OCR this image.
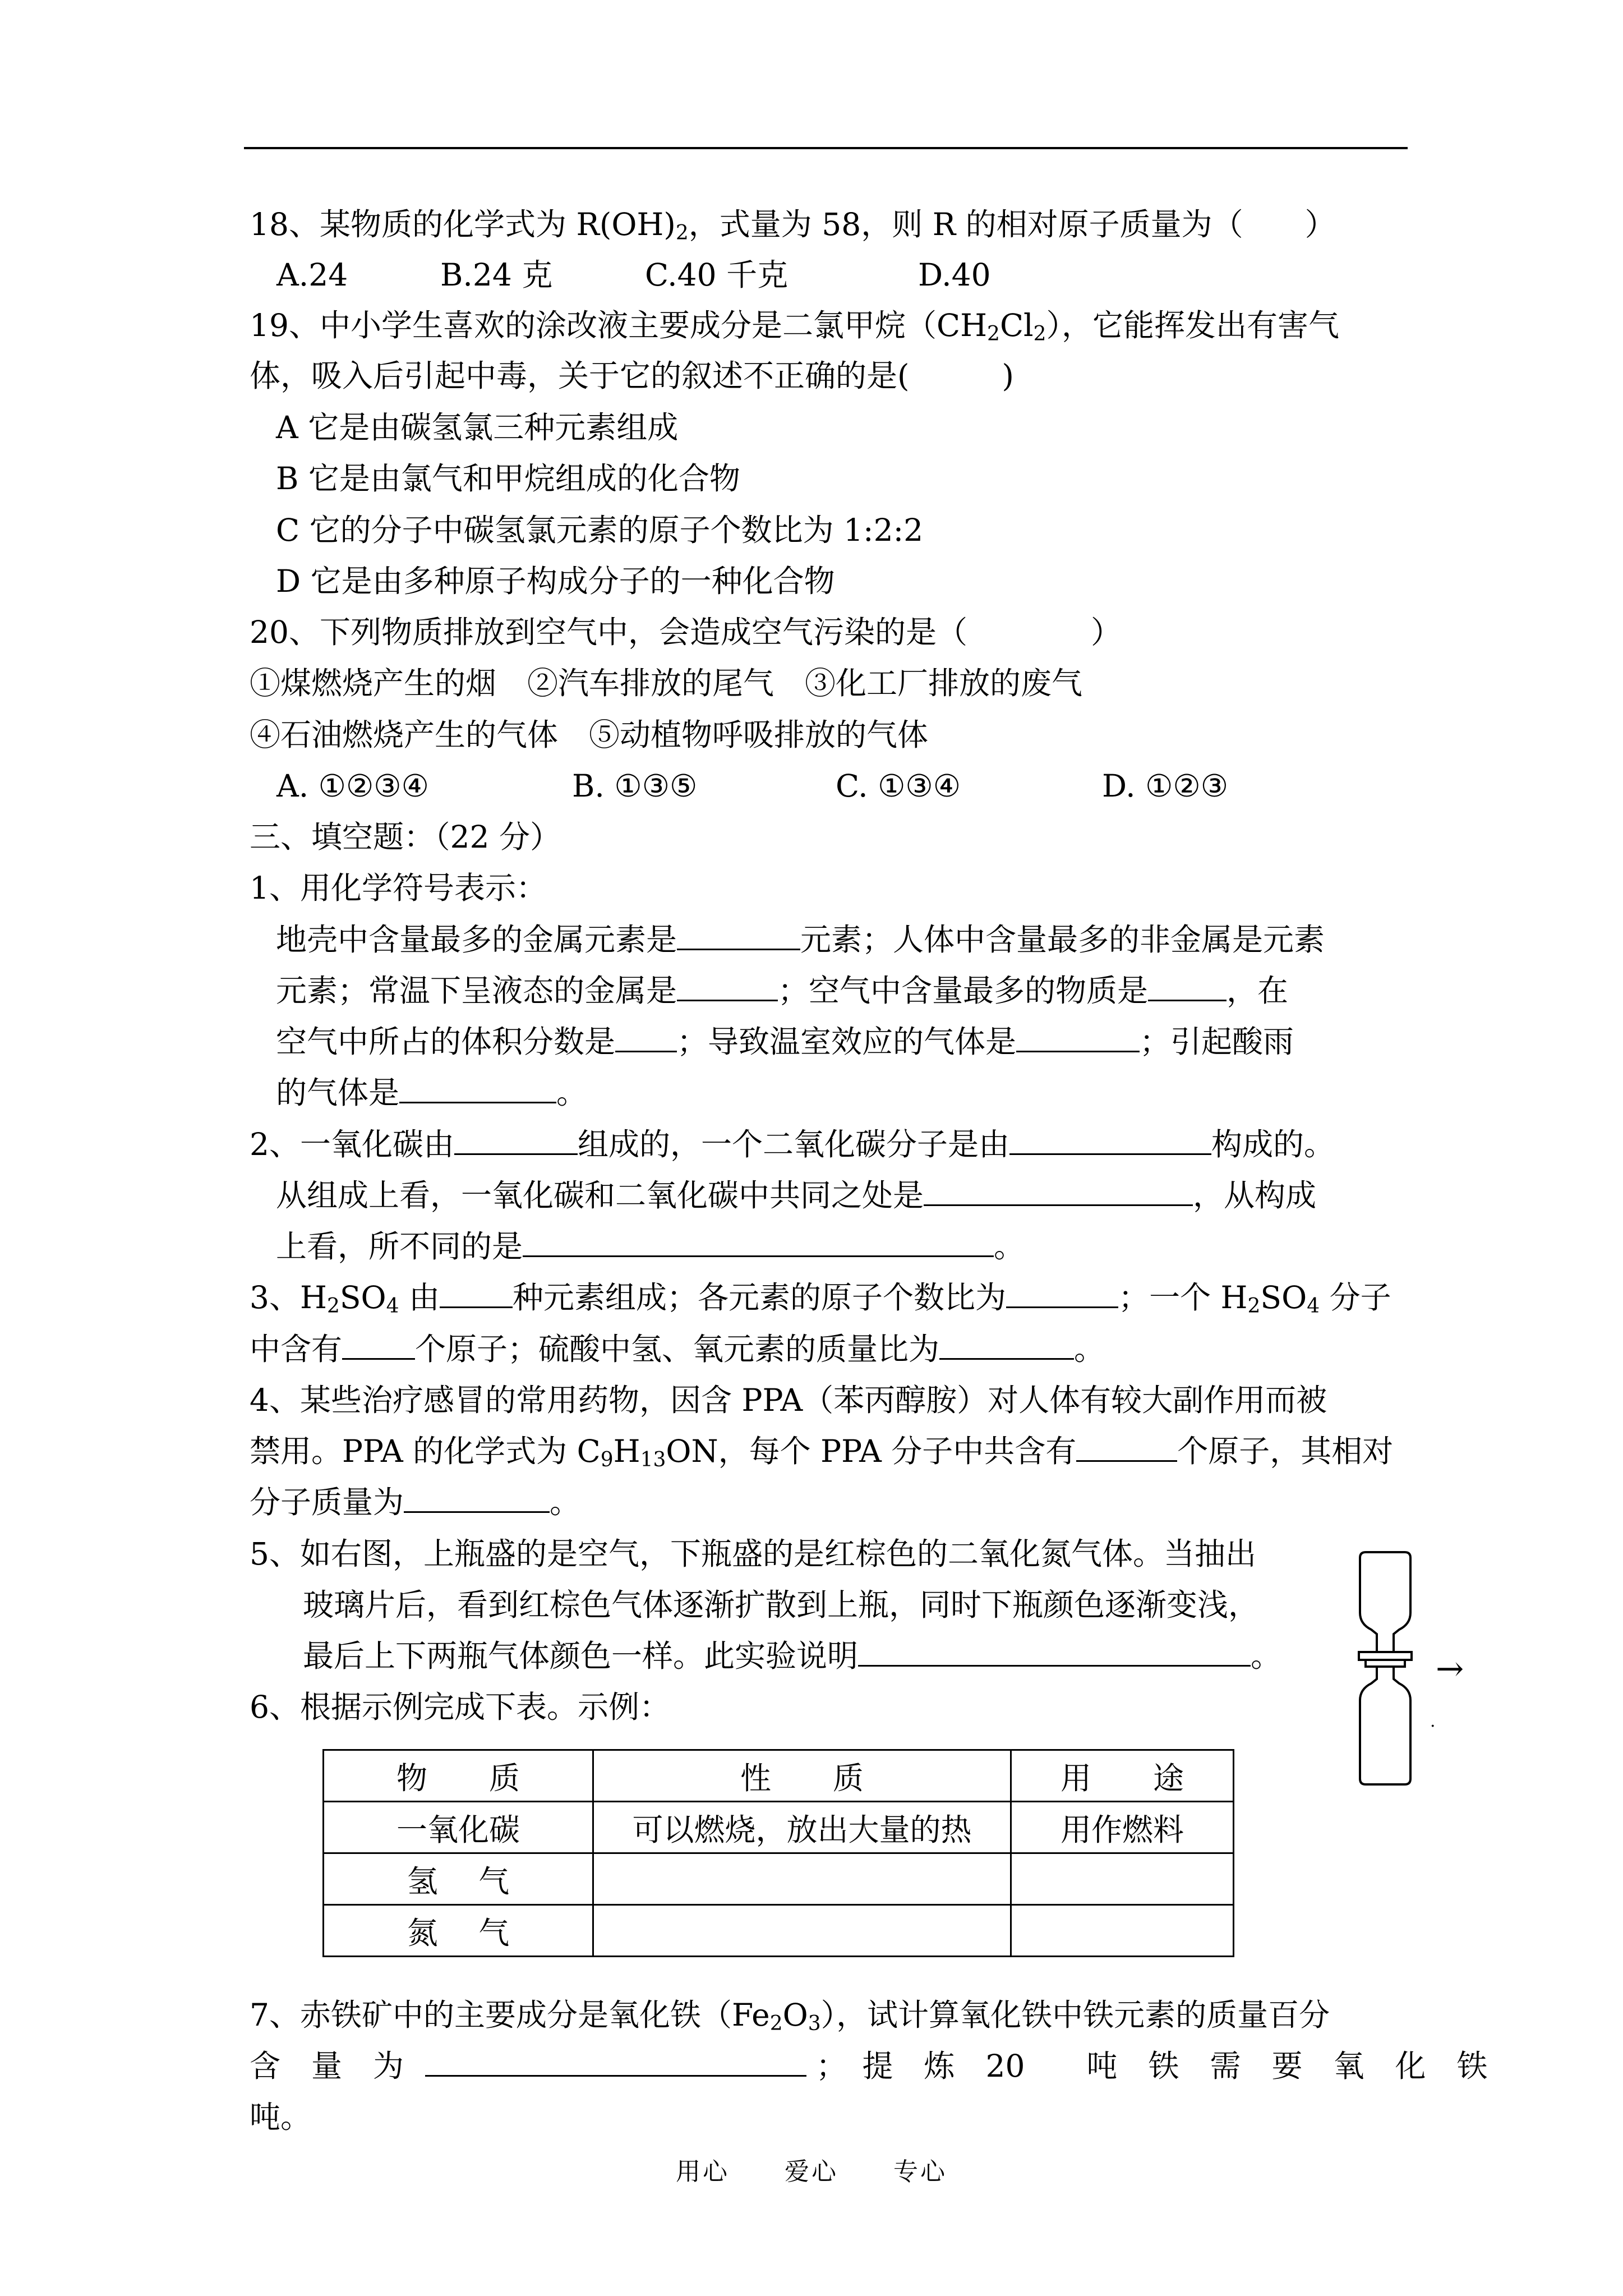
18、某物质的化学式为 $R(OH)_2$，式量为 58，则 R 的相对原子质量为（　　）
A.24	B.24 克	C.40 千克	D.40
19、中小学生喜欢的涂改液主要成分是二氯甲烷$(CH_2Cl_2)$，它能挥发出有害气
体，吸入后引起中毒，关于它的叙述不正确的是(　　　)
A 它是由碳氢氯三种元素组成
B 它是由氯气和甲烷组成的化合物
C 它的分子中碳氢氯元素的原子个数比为 1:2:2
D 它是由多种原子构成分子的一种化合物
20、下列物质排放到空气中，会造成空气污染的是（　　　　）
①煤燃烧产生的烟　②汽车排放的尾气　③化工厂排放的废气
④石油燃烧产生的气体　⑤动植物呼吸排放的气体
A. ①②③④	B. ①③⑤	C. ①③④	D. ①②③
三、填空题：（22 分）
1、用化学符号表示：
地壳中含量最多的金属元素是	元素；人体中含量最多的非金属是元素
元素；常温下呈液态的金属是	；空气中含量最多的物质是	，在
空气中所占的体积分数是 ；导致温室效应的气体是	；引起酸雨
的气体是	。
2、一氧化碳由	组成的，一个二氧化碳分子是由	构成的。
从组成上看，一氧化碳和二氧化碳中共同之处是	，从构成
上看，所不同的是	。
3、$H_2SO_4$ 由 种元素组成；各元素的原子个数比为	；一个 $H_2SO_4$ 分子
中含有 个原子；硫酸中氢、氧元素的质量比为	。
4、某些治疗感冒的常用药物，因含 PPA（苯丙醇胺）对人体有较大副作用而被
禁用。PPA 的化学式为 $C_9H_{13}ON$，每个 PPA 分子中共含有	个原子，其相对
分子质量为	。
5、如右图，上瓶盛的是空气，下瓶盛的是红棕色的二氧化氮气体。当抽出
玻璃片后，看到红棕色气体逐渐扩散到上瓶，同时下瓶颜色逐渐变浅，
最后上下两瓶气体颜色一样。此实验说明	。	→
·
6、根据示例完成下表。示例：
物　　质	性　　质	用　　途
一氧化碳	可以燃烧，放出大量的热	用作燃料
氢　 气		
氮　 气		
7、赤铁矿中的主要成分是氧化铁$(Fe_2O_3)$，试计算氧化铁中铁元素的质量百分
含　量　为	；　提　炼　20　　吨　铁　需　要　氧　化　铁
吨。
用心 爱心 专心
